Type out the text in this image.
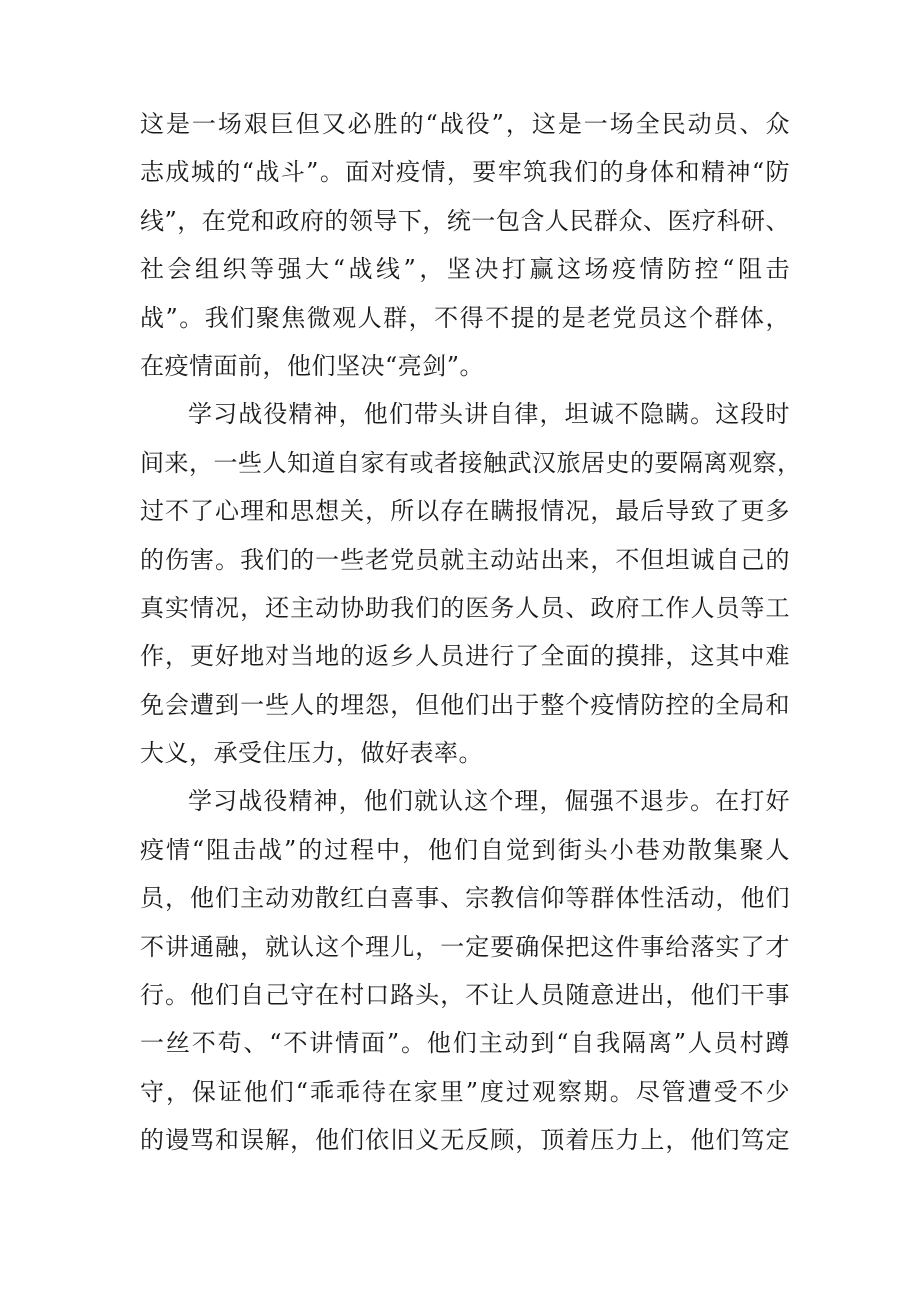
这是一场艰巨但又必胜的“战役”，这是一场全民动员、众
志成城的“战斗”。面对疫情，要牢筑我们的身体和精神“防
线”，在党和政府的领导下，统一包含人民群众、医疗科研、
社会组织等强大“战线”，坚决打赢这场疫情防控“阻击
战”。我们聚焦微观人群，不得不提的是老党员这个群体，
在疫情面前，他们坚决“亮剑”。
学习战役精神，他们带头讲自律，坦诚不隐瞒。这段时
间来，一些人知道自家有或者接触武汉旅居史的要隔离观察，
过不了心理和思想关，所以存在瞒报情况，最后导致了更多
的伤害。我们的一些老党员就主动站出来，不但坦诚自己的
真实情况，还主动协助我们的医务人员、政府工作人员等工
作，更好地对当地的返乡人员进行了全面的摸排，这其中难
免会遭到一些人的埋怨，但他们出于整个疫情防控的全局和
大义，承受住压力，做好表率。
学习战役精神，他们就认这个理，倔强不退步。在打好
疫情“阻击战”的过程中，他们自觉到街头小巷劝散集聚人
员，他们主动劝散红白喜事、宗教信仰等群体性活动，他们
不讲通融，就认这个理儿，一定要确保把这件事给落实了才
行。他们自己守在村口路头，不让人员随意进出，他们干事
一丝不苟、“不讲情面”。他们主动到“自我隔离”人员村蹲
守，保证他们“乖乖待在家里”度过观察期。尽管遭受不少
的谩骂和误解，他们依旧义无反顾，顶着压力上，他们笃定
